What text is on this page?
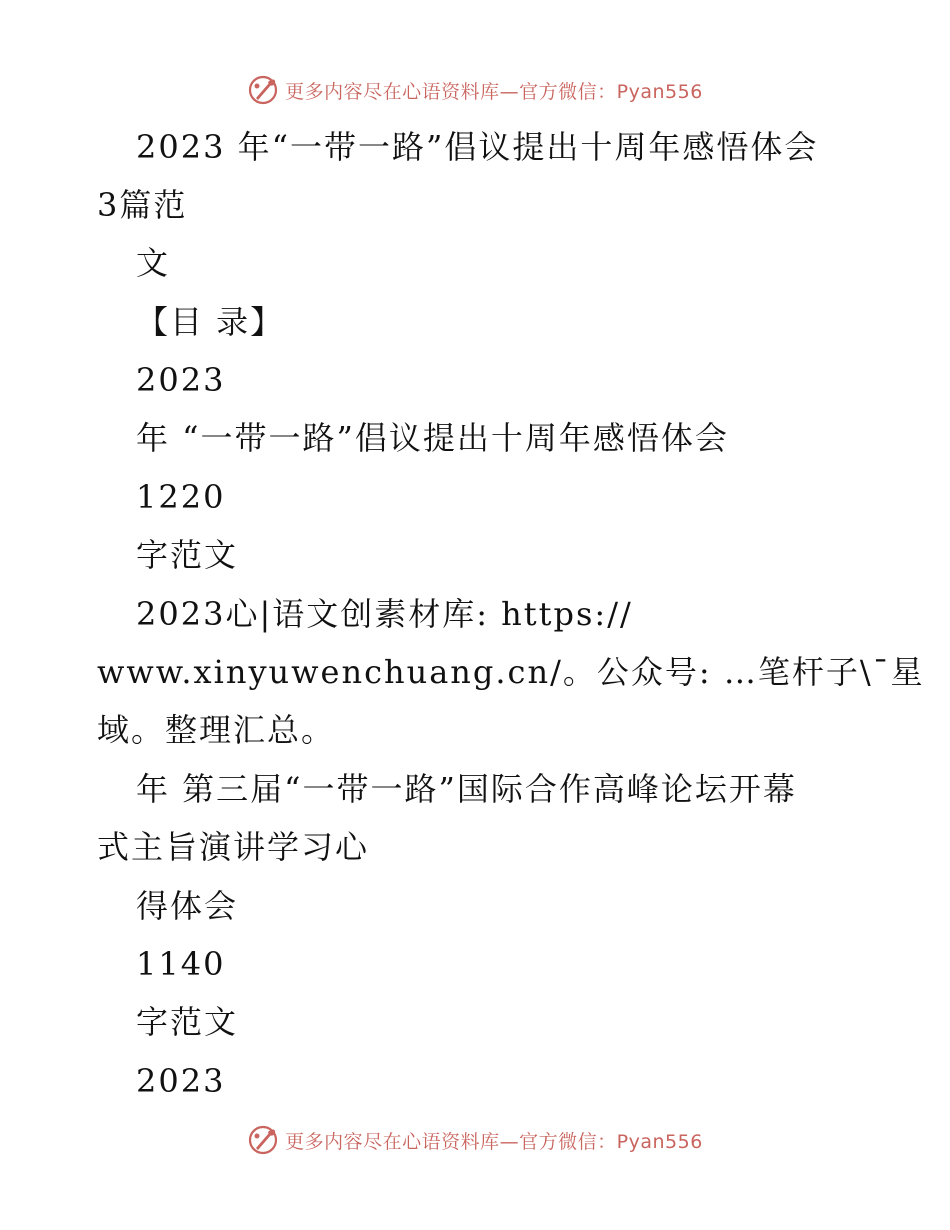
更多内容尽在心语资料库—官方微信：Pyan556
2023 年“一带一路”倡议提出十周年感悟体会
3篇范
文
【目 录】
2023
年 “一带一路”倡议提出十周年感悟体会
1220
字范文
2023心|语文创素材库: https://
www.xinyuwenchuang.cn/。公众号: …笔杆子\¯星
域。整理汇总。
年 第三届“一带一路”国际合作高峰论坛开幕
式主旨演讲学习心
得体会
1140
字范文
2023
更多内容尽在心语资料库—官方微信：Pyan556
